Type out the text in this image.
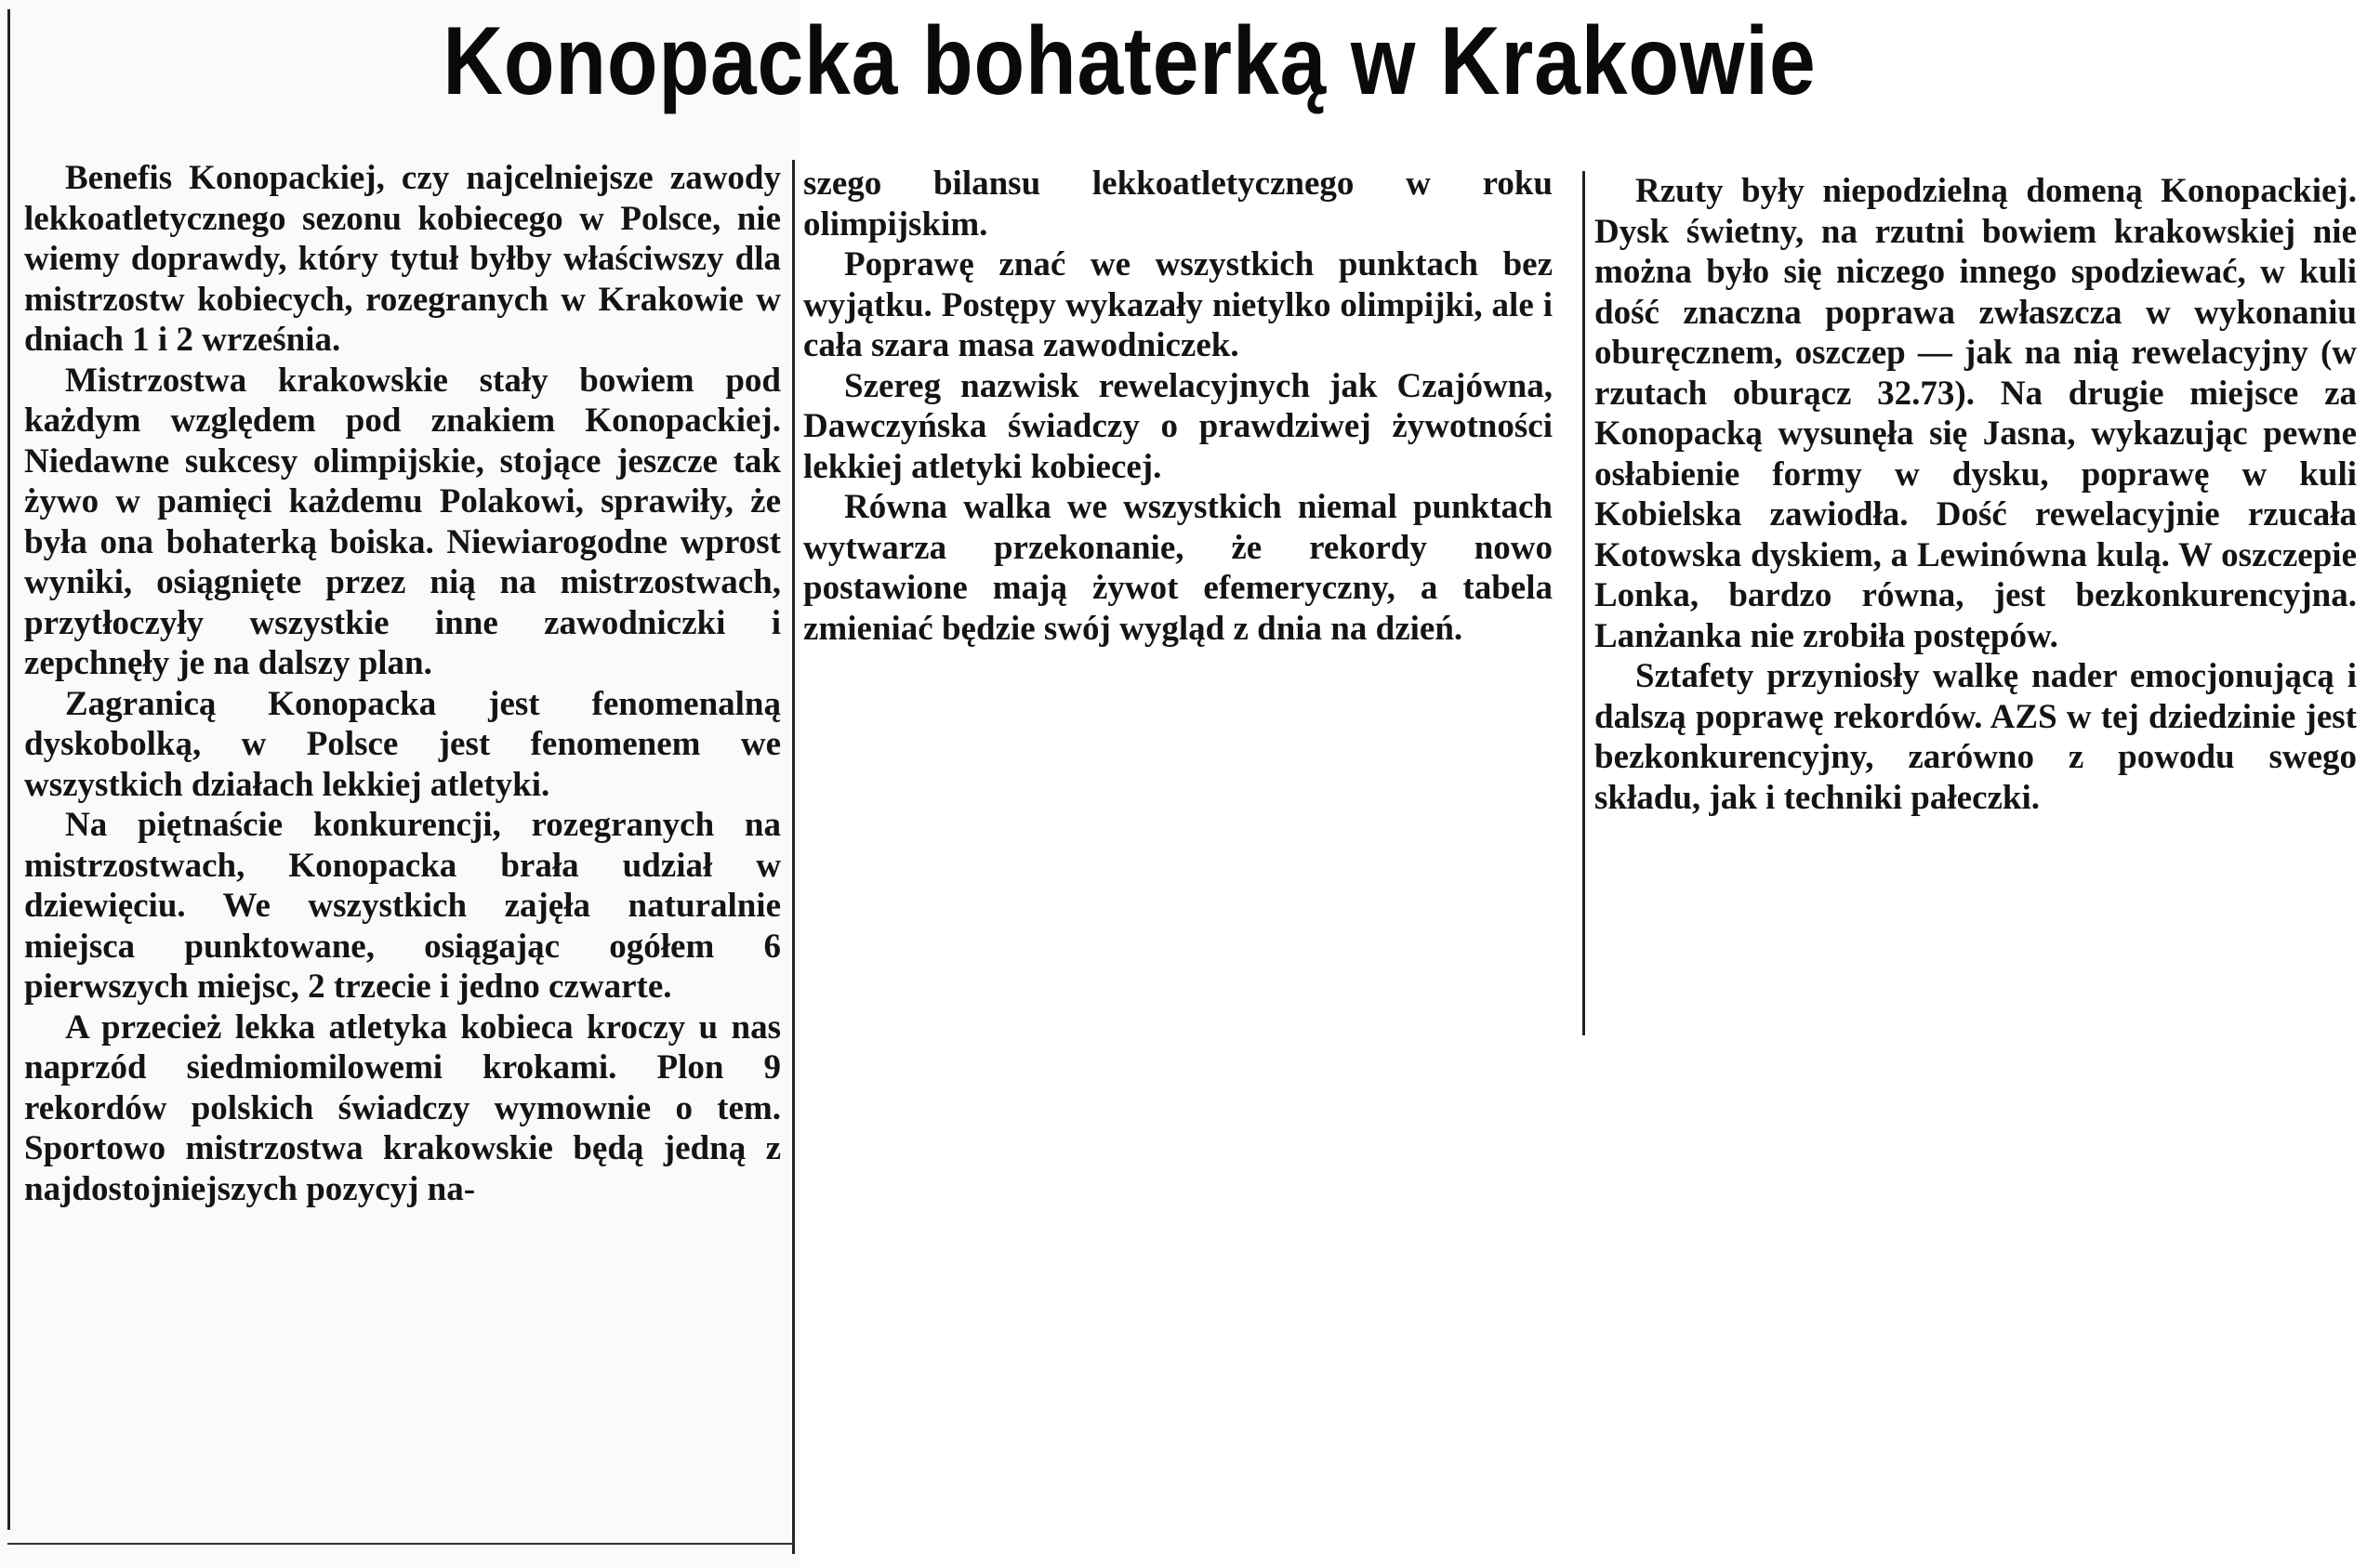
Konopacka bohaterką w Krakowie

Benefis Konopackiej, czy najcelniejsze zawody lekkoatletycznego sezonu kobiecego w Polsce, nie wiemy doprawdy, który tytuł byłby właściwszy dla mistrzostw kobiecych, rozegranych w Krakowie w dniach 1 i 2 września.

Mistrzostwa krakowskie stały bowiem pod każdym względem pod znakiem Konopackiej. Niedawne sukcesy olimpijskie, stojące jeszcze tak żywo w pamięci każdemu Polakowi, sprawiły, że była ona bohaterką boiska. Niewiarogodne wprost wyniki, osiągnięte przez nią na mistrzostwach, przytłoczyły wszystkie inne zawodniczki i zepchnęły je na dalszy plan.

Zagranicą Konopacka jest fenomenalną dyskobolką, w Polsce jest fenomenem we wszystkich działach lekkiej atletyki.

Na piętnaście konkurencji, rozegranych na mistrzostwach, Konopacka brała udział w dziewięciu. We wszystkich zajęła naturalnie miejsca punktowane, osiągając ogółem 6 pierwszych miejsc, 2 trzecie i jedno czwarte.

A przecież lekka atletyka kobieca kroczy u nas naprzód siedmiomilowemi krokami. Plon 9 rekordów polskich świadczy wymownie o tem. Sportowo mistrzostwa krakowskie będą jedną z najdostojniejszych pozycyj na-

szego bilansu lekkoatletycznego w roku olimpijskim.

Poprawę znać we wszystkich punktach bez wyjątku. Postępy wykazały nietylko olimpijki, ale i cała szara masa zawodniczek.

Szereg nazwisk rewelacyjnych jak Czajówna, Dawczyńska świadczy o prawdziwej żywotności lekkiej atletyki kobiecej.

Równa walka we wszystkich niemal punktach wytwarza przekonanie, że rekordy nowo postawione mają żywot efemeryczny, a tabela zmieniać będzie swój wygląd z dnia na dzień.

Rzuty były niepodzielną domeną Konopackiej. Dysk świetny, na rzutni bowiem krakowskiej nie można było się niczego innego spodziewać, w kuli dość znaczna poprawa zwłaszcza w wykonaniu oburęcznem, oszczep — jak na nią rewelacyjny (w rzutach oburącz 32.73). Na drugie miejsce za Konopacką wysunęła się Jasna, wykazując pewne osłabienie formy w dysku, poprawę w kuli Kobielska zawiodła. Dość rewelacyjnie rzucała Kotowska dyskiem, a Lewinówna kulą. W oszczepie Lonka, bardzo równa, jest bezkonkurencyjna. Lanżanka nie zrobiła postępów.

Sztafety przyniosły walkę nader emocjonującą i dalszą poprawę rekordów. AZS w tej dziedzinie jest bezkonkurencyjny, zarówno z powodu swego składu, jak i techniki pałeczki.
